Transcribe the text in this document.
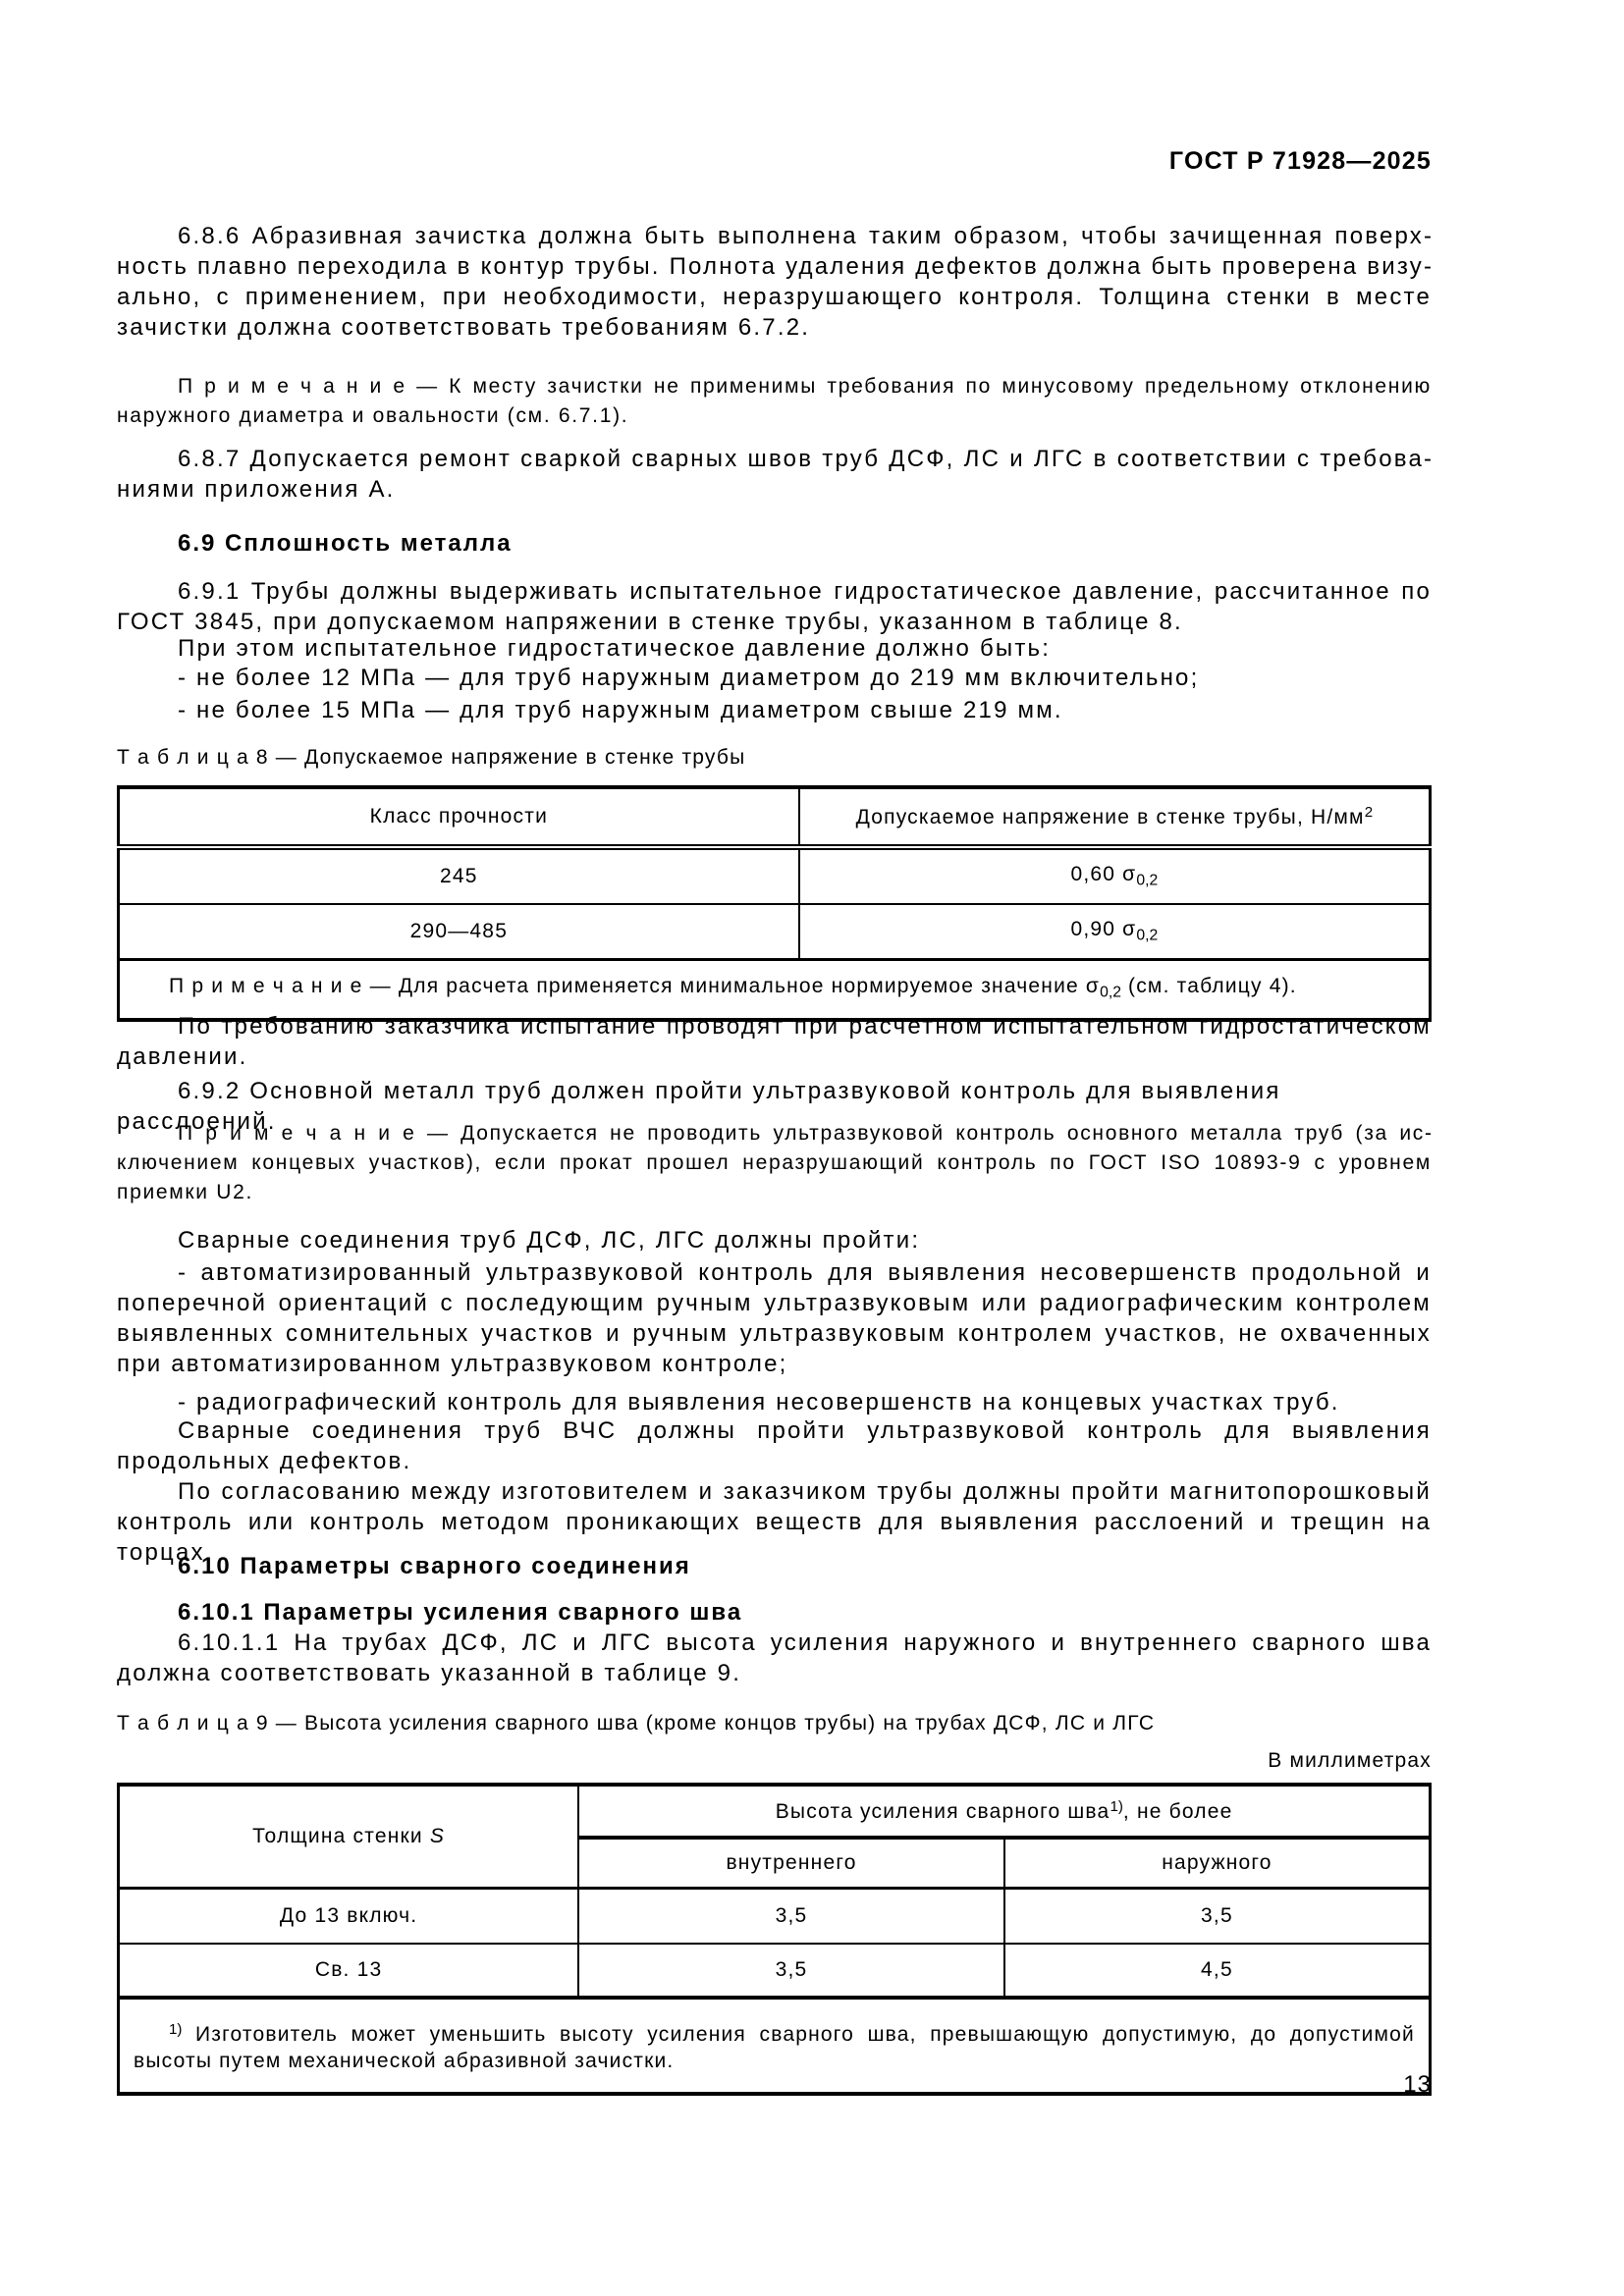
ГОСТ Р 71928—2025

6.8.6 Абразивная зачистка должна быть выполнена таким образом, чтобы зачищенная поверхность плавно переходила в контур трубы. Полнота удаления дефектов должна быть проверена визуально, с применением, при необходимости, неразрушающего контроля. Толщина стенки в месте зачистки должна соответствовать требованиям 6.7.2.

П р и м е ч а н и е — К месту зачистки не применимы требования по минусовому предельному отклонению наружного диаметра и овальности (см. 6.7.1).

6.8.7 Допускается ремонт сваркой сварных швов труб ДСФ, ЛС и ЛГС в соответствии с требованиями приложения А.

6.9 Сплошность металла

6.9.1 Трубы должны выдерживать испытательное гидростатическое давление, рассчитанное по ГОСТ 3845, при допускаемом напряжении в стенке трубы, указанном в таблице 8.

При этом испытательное гидростатическое давление должно быть:

- не более 12 МПа — для труб наружным диаметром до 219 мм включительно;

- не более 15 МПа — для труб наружным диаметром свыше 219 мм.

Т а б л и ц а 8 — Допускаемое напряжение в стенке трубы
Класс прочности	Допускаемое напряжение в стенке трубы, $Н/мм^2$
245	0,60 $\sigma_{0,2}$
290—485	0,90 $\sigma_{0,2}$
П р и м е ч а н и е — Для расчета применяется минимальное нормируемое значение $\sigma_{0,2}$ (см. таблицу 4).	

По требованию заказчика испытание проводят при расчетном испытательном гидростатическом давлении.

6.9.2 Основной металл труб должен пройти ультразвуковой контроль для выявления расслоений.

П р и м е ч а н и е — Допускается не проводить ультразвуковой контроль основного металла труб (за исключением концевых участков), если прокат прошел неразрушающий контроль по ГОСТ ISO 10893-9 с уровнем приемки U2.

Сварные соединения труб ДСФ, ЛС, ЛГС должны пройти:

- автоматизированный ультразвуковой контроль для выявления несовершенств продольной и поперечной ориентаций с последующим ручным ультразвуковым или радиографическим контролем выявленных сомнительных участков и ручным ультразвуковым контролем участков, не охваченных при автоматизированном ультразвуковом контроле;

- радиографический контроль для выявления несовершенств на концевых участках труб.

Сварные соединения труб ВЧС должны пройти ультразвуковой контроль для выявления продольных дефектов.

По согласованию между изготовителем и заказчиком трубы должны пройти магнитопорошковый контроль или контроль методом проникающих веществ для выявления расслоений и трещин на торцах.

6.10 Параметры сварного соединения
6.10.1 Параметры усиления сварного шва

6.10.1.1 На трубах ДСФ, ЛС и ЛГС высота усиления наружного и внутреннего сварного шва должна соответствовать указанной в таблице 9.

Т а б л и ц а 9 — Высота усиления сварного шва (кроме концов трубы) на трубах ДСФ, ЛС и ЛГС
В миллиметрах
Толщина стенки S	Высота усиления сварного шва$^{1)}$, не более	
	внутреннего	наружного
До 13 включ.	3,5	3,5
Св. 13	3,5	4,5
$^{1)}$ Изготовитель может уменьшить высоту усиления сварного шва, превышающую допустимую, до допустимой высоты путем механической абразивной зачистки.		
13
